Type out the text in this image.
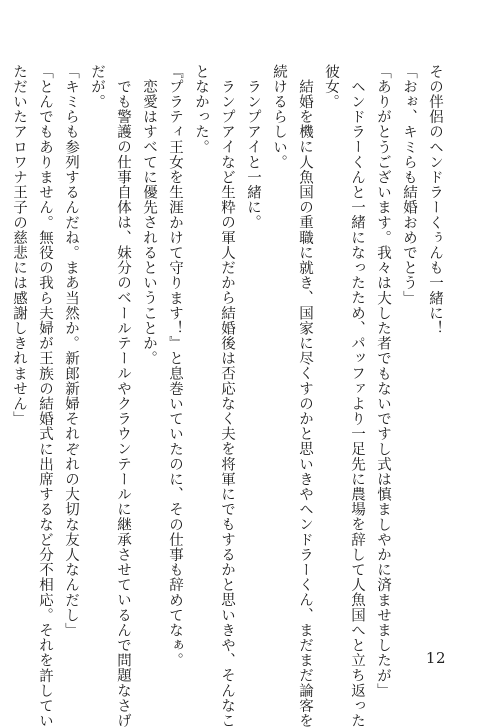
その伴侶のヘンドラーくぅんも一緒に！

「おぉ、キミらも結婚おめでとう」

「ありがとうございます。我々は大した者でもないですし式は慎ましやかに済ませましたが」

ヘンドラーくんと一緒になったため、パッファより一足先に農場を辞して人魚国へと立ち返った

彼女。

結婚を機に人魚国の重職に就き、国家に尽くすのかと思いきやヘンドラーくん、まだまだ論客を

続けるらしい。

ランプアイと一緒に。

ランプアイなど生粋の軍人だから結婚後は否応なく夫を将軍にでもするかと思いきや、そんなこ

となかった。

『プラティ王女を生涯かけて守ります！』と息巻いていたのに、その仕事も辞めてなぁ。

恋愛はすべてに優先されるということか。

でも警護の仕事自体は、妹分のベールテールやクラウンテールに継承させているんで問題なさげ

だが。

「キミらも参列するんだね。まあ当然か。新郎新婦それぞれの大切な友人なんだし」

「とんでもありません。無役の我ら夫婦が王族の結婚式に出席するなど分不相応。それを許してい

ただいたアロワナ王子の慈悲には感謝しきれません」

12
